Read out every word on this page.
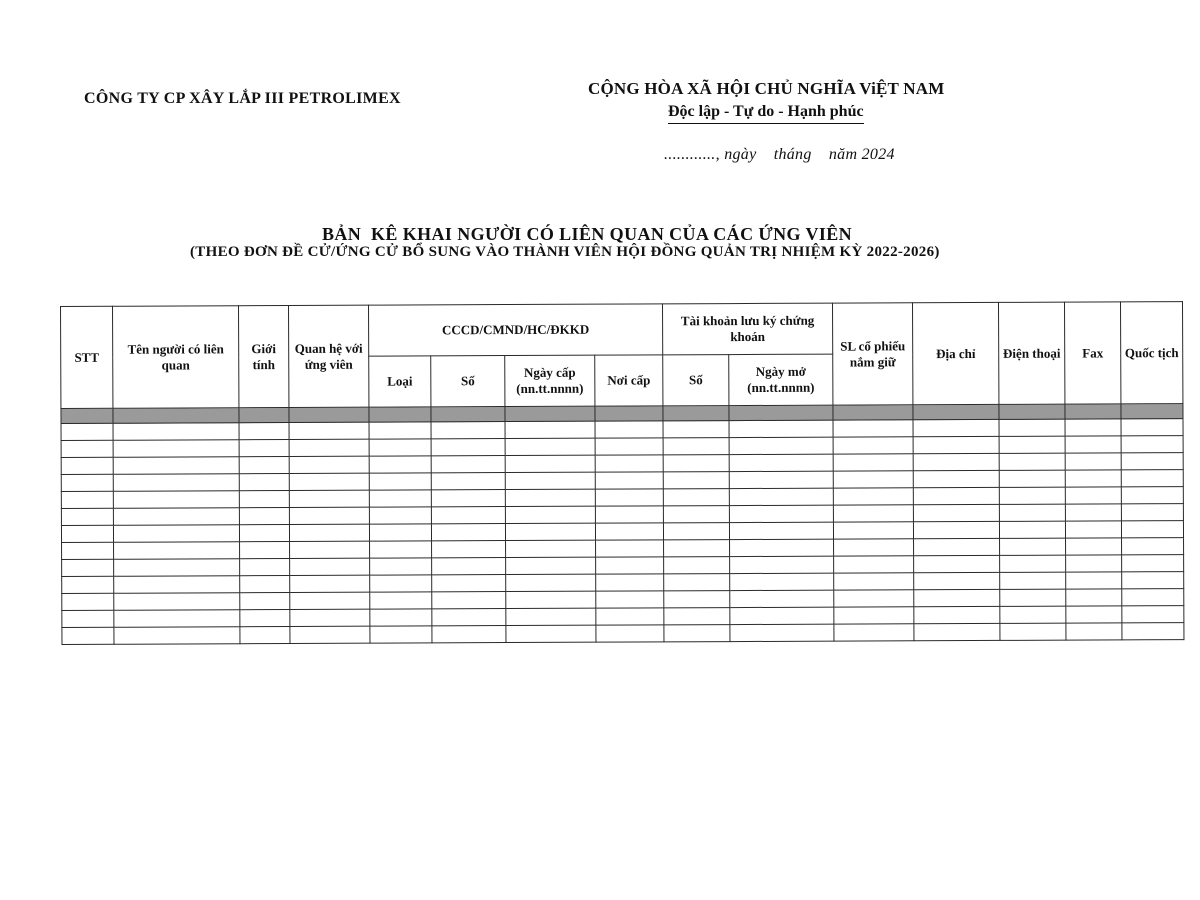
CÔNG TY CP XÂY LẮP III PETROLIMEX
CỘNG HÒA XÃ HỘI CHỦ NGHĨA ViỆT NAM
Độc lập - Tự do - Hạnh phúc
............, ngày    tháng    năm 2024
BẢN  KÊ KHAI NGƯỜI CÓ LIÊN QUAN CỦA CÁC ỨNG VIÊN
(THEO ĐƠN ĐỀ CỬ/ỨNG CỬ BỔ SUNG VÀO THÀNH VIÊN HỘI ĐỒNG QUẢN TRỊ NHIỆM KỲ 2022-2026)
STT	Tên người có liên quan	Giới tính	Quan hệ với ứng viên	CCCD/CMND/HC/ĐKKD				Tài khoản lưu ký chứng khoán		SL cổ phiếu nắm giữ	Địa chỉ	Điện thoại	Fax	Quốc tịch
				Loại	Số	Ngày cấp (nn.tt.nnnn)	Nơi cấp	Số	Ngày mở (nn.tt.nnnn)					
